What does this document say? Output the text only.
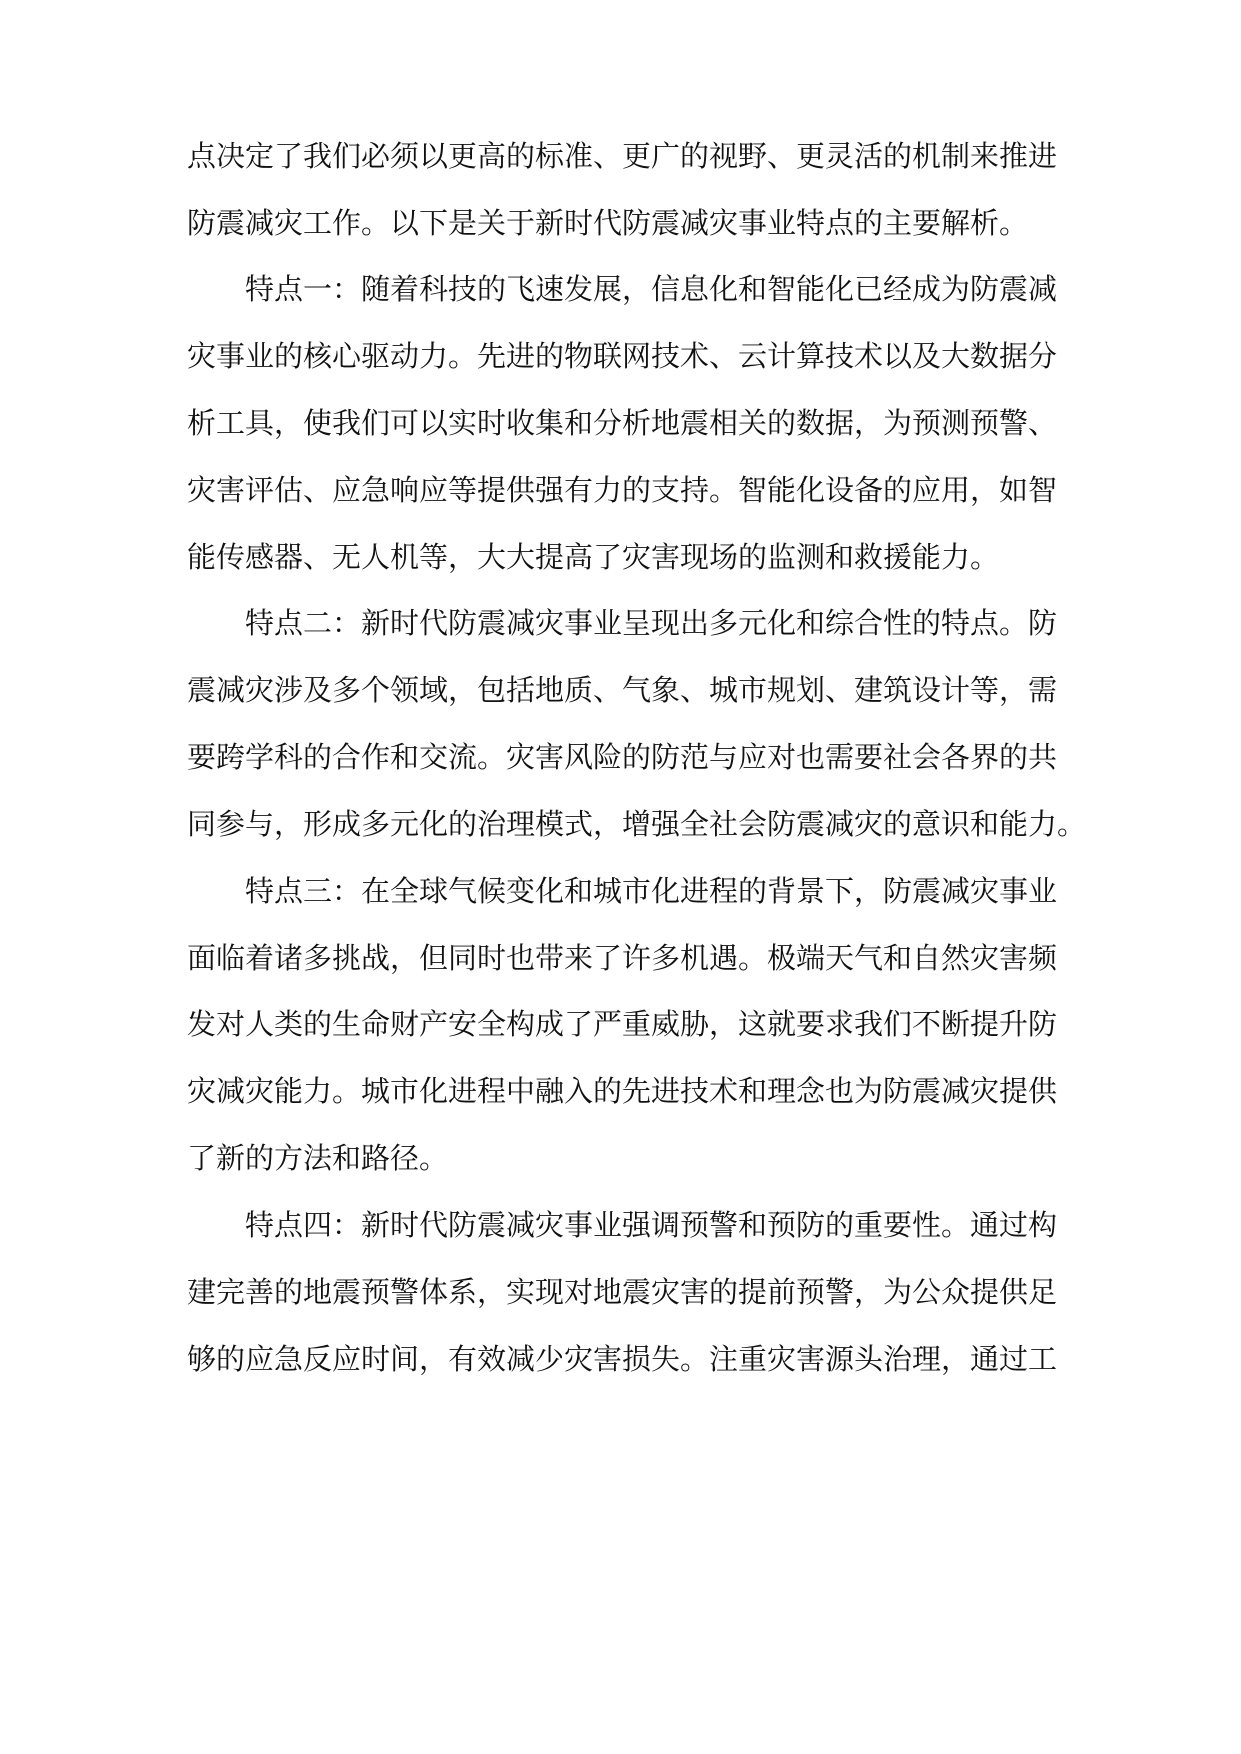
点决定了我们必须以更高的标准、更广的视野、更灵活的机制来推进
防震减灾工作。以下是关于新时代防震减灾事业特点的主要解析。
特点一：随着科技的飞速发展，信息化和智能化已经成为防震减
灾事业的核心驱动力。先进的物联网技术、云计算技术以及大数据分
析工具，使我们可以实时收集和分析地震相关的数据，为预测预警、
灾害评估、应急响应等提供强有力的支持。智能化设备的应用，如智
能传感器、无人机等，大大提高了灾害现场的监测和救援能力。
特点二：新时代防震减灾事业呈现出多元化和综合性的特点。防
震减灾涉及多个领域，包括地质、气象、城市规划、建筑设计等，需
要跨学科的合作和交流。灾害风险的防范与应对也需要社会各界的共
同参与，形成多元化的治理模式，增强全社会防震减灾的意识和能力。
特点三：在全球气候变化和城市化进程的背景下，防震减灾事业
面临着诸多挑战，但同时也带来了许多机遇。极端天气和自然灾害频
发对人类的生命财产安全构成了严重威胁，这就要求我们不断提升防
灾减灾能力。城市化进程中融入的先进技术和理念也为防震减灾提供
了新的方法和路径。
特点四：新时代防震减灾事业强调预警和预防的重要性。通过构
建完善的地震预警体系，实现对地震灾害的提前预警，为公众提供足
够的应急反应时间，有效减少灾害损失。注重灾害源头治理，通过工
